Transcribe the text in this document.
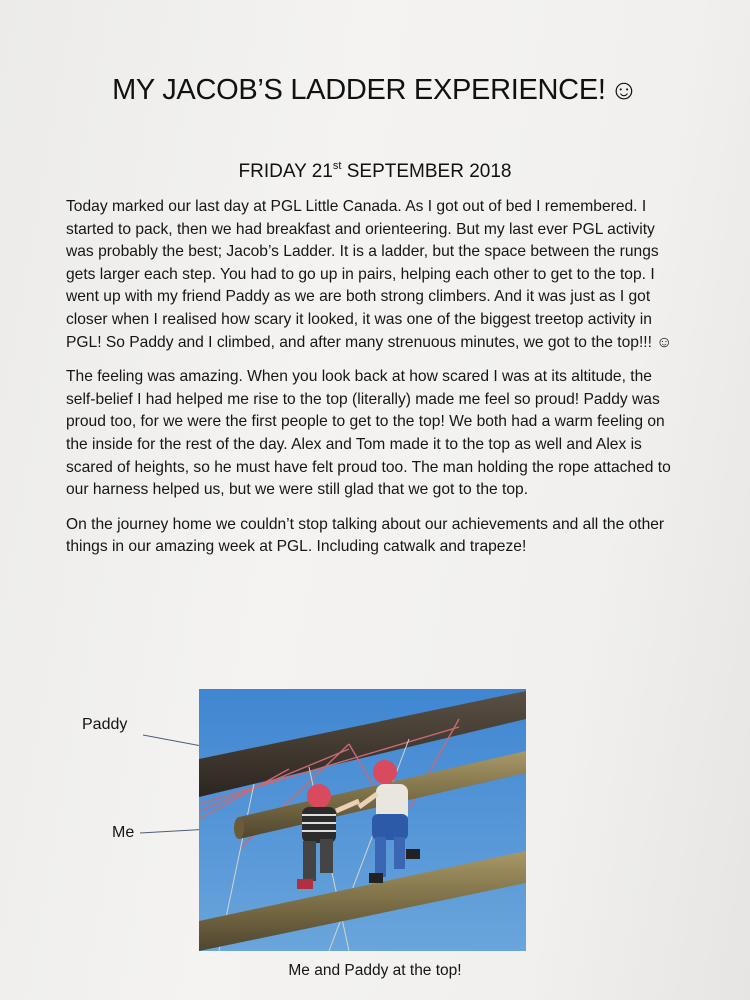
MY JACOB’S LADDER EXPERIENCE! ☺
FRIDAY 21st SEPTEMBER 2018

Today marked our last day at PGL Little Canada. As I got out of bed I remembered. I started to pack, then we had breakfast and orienteering. But my last ever PGL activity was probably the best; Jacob’s Ladder. It is a ladder, but the space between the rungs gets larger each step. You had to go up in pairs, helping each other to get to the top. I went up with my friend Paddy as we are both strong climbers. And it was just as I got closer when I realised how scary it looked, it was one of the biggest treetop activity in PGL! So Paddy and I climbed, and after many strenuous minutes, we got to the top!!! ☺

The feeling was amazing. When you look back at how scared I was at its altitude, the self-belief I had helped me rise to the top (literally) made me feel so proud! Paddy was proud too, for we were the first people to get to the top! We both had a warm feeling on the inside for the rest of the day. Alex and Tom made it to the top as well and Alex is scared of heights, so he must have felt proud too. The man holding the rope attached to our harness helped us, but we were still glad that we got to the top.

On the journey home we couldn’t stop talking about our achievements and all the other things in our amazing week at PGL. Including catwalk and trapeze!

Paddy
Me
Me and Paddy at the top!
